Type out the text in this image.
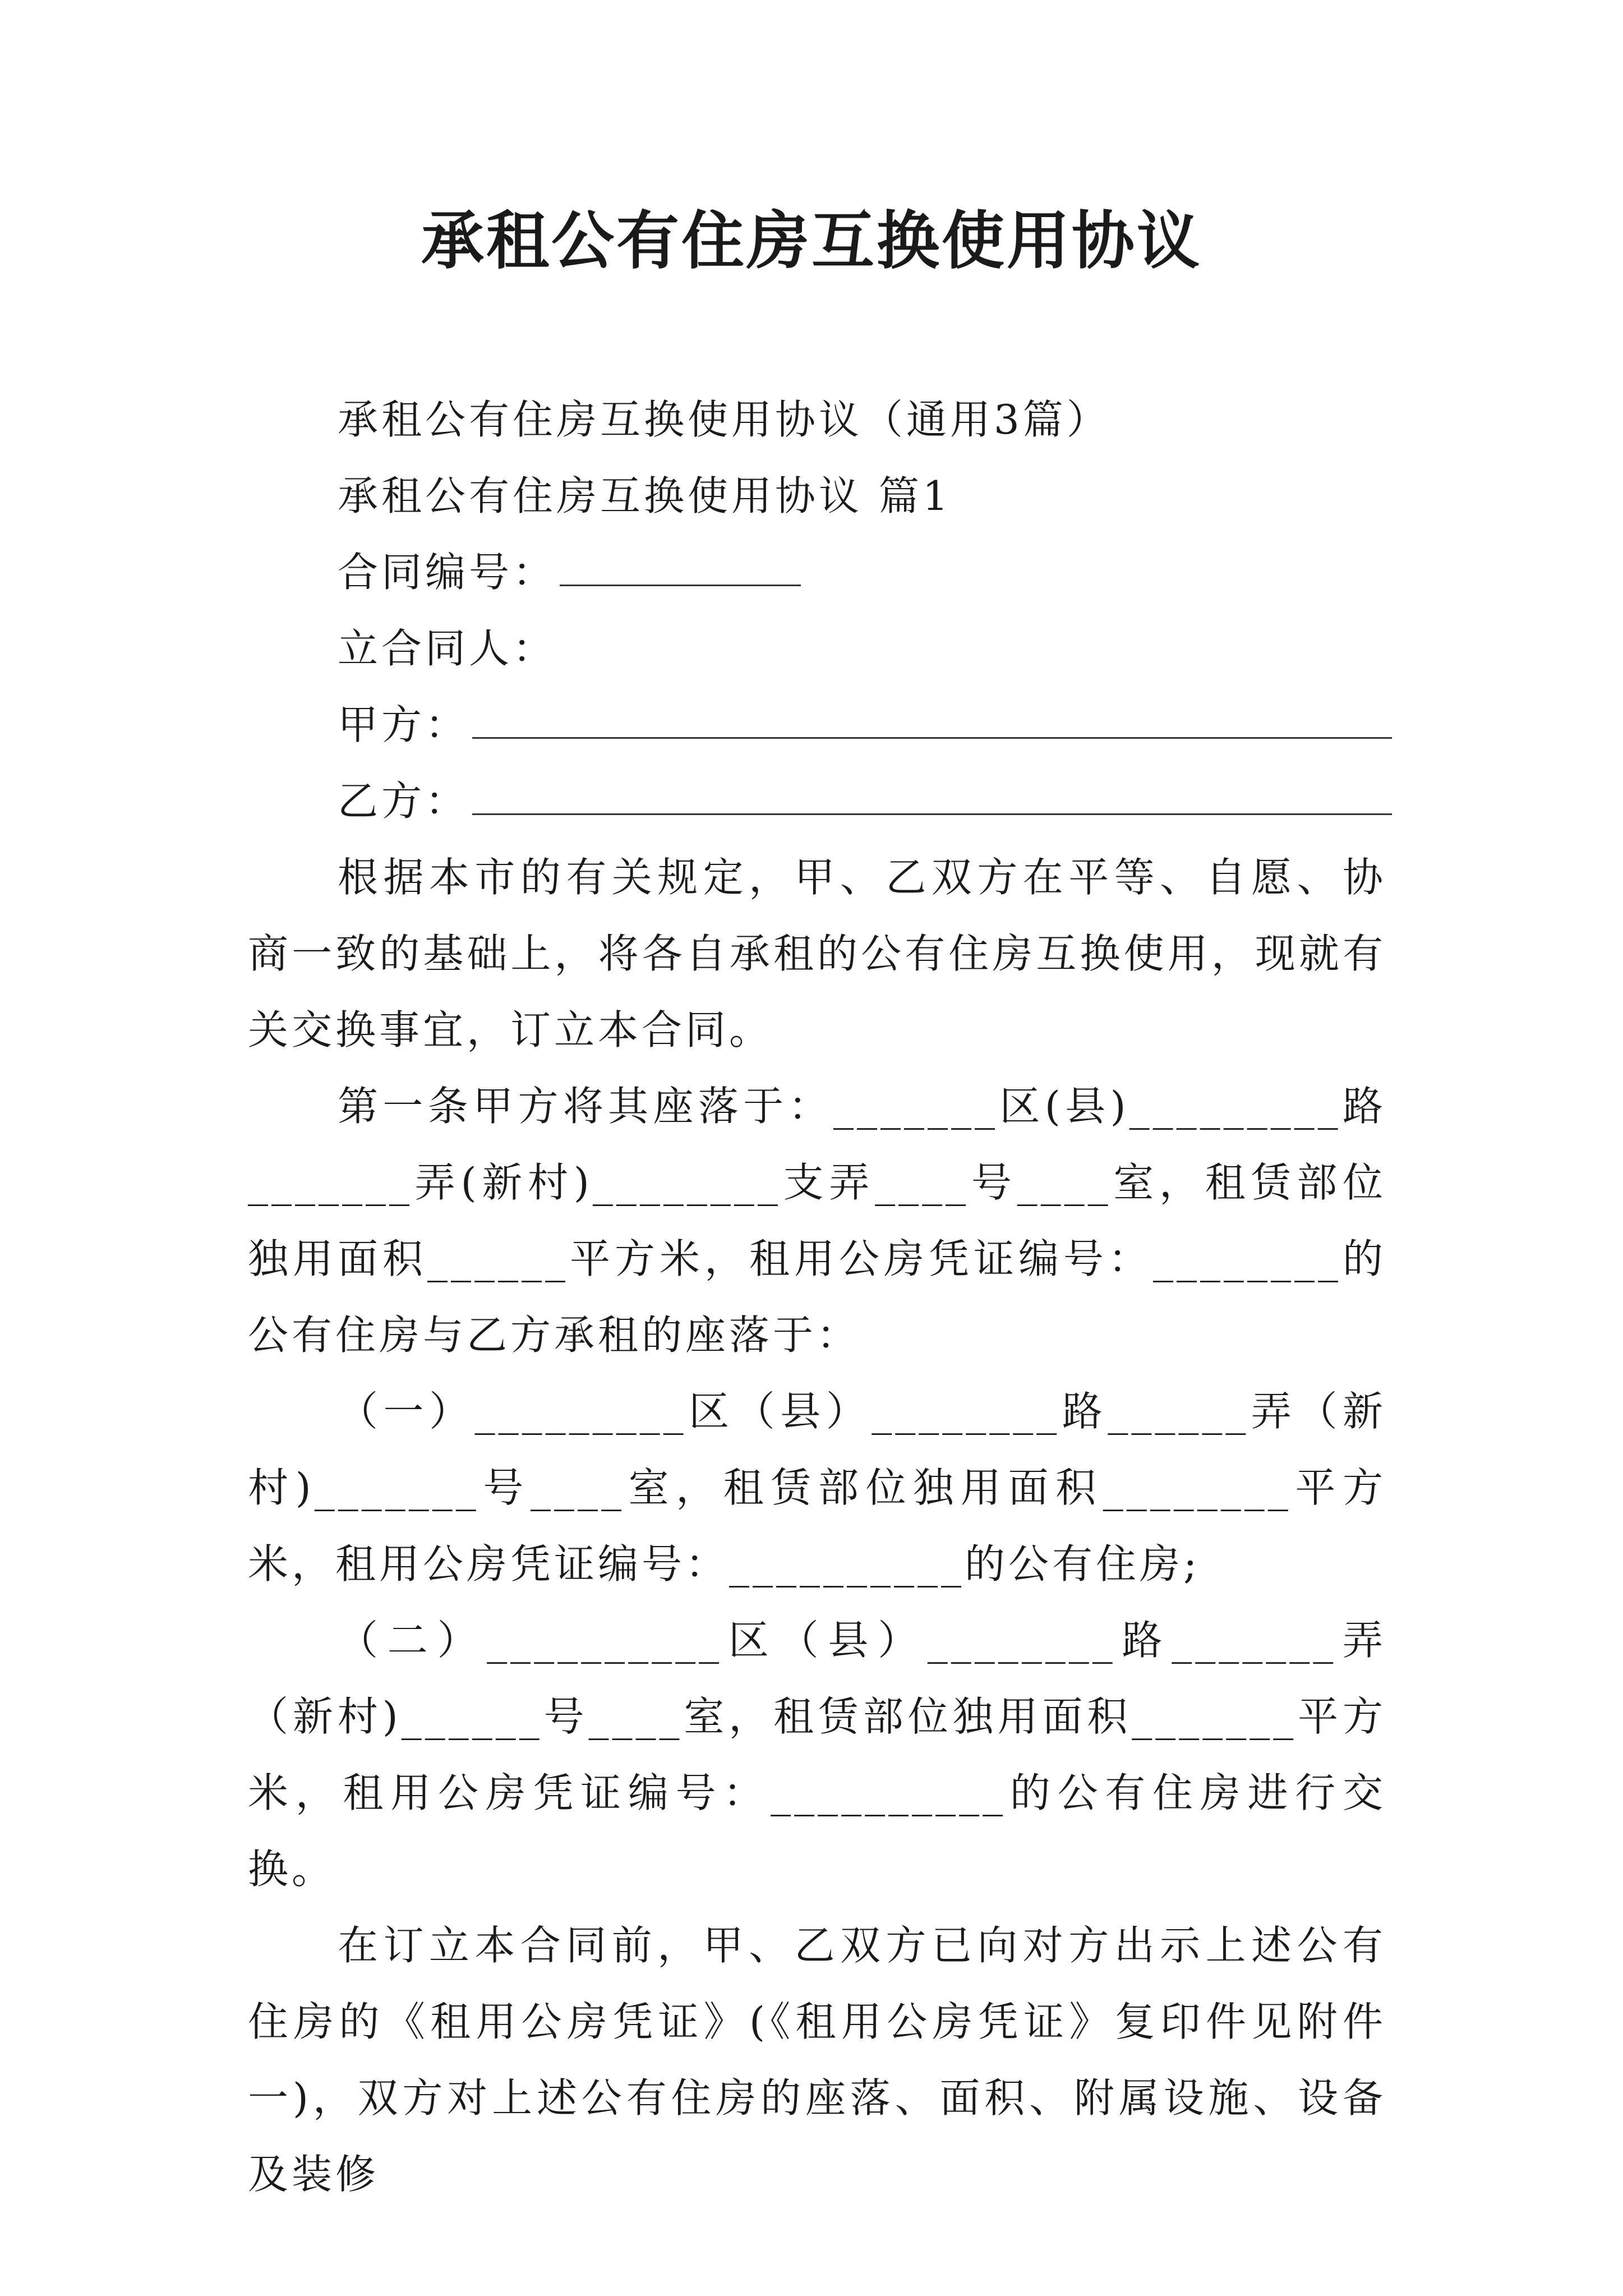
承租公有住房互换使用协议

承租公有住房互换使用协议（通用3篇）

承租公有住房互换使用协议 篇1

合同编号：

立合同人：

甲方：

乙方：

根据本市的有关规定，甲、乙双方在平等、自愿、协商一致的基础上，将各自承租的公有住房互换使用，现就有关交换事宜，订立本合同。

第一条甲方将其座落于：_______区(县)_________路_______弄(新村)________支弄____号____室，租赁部位独用面积______平方米，租用公房凭证编号：________的公有住房与乙方承租的座落于：

（一）_________区（县）________路______弄（新村)_______号____室，租赁部位独用面积________平方米，租用公房凭证编号：__________的公有住房;

（二）__________区（县）________路_______弄（新村)______号____室，租赁部位独用面积_______平方米，租用公房凭证编号：__________的公有住房进行交换。

在订立本合同前，甲、乙双方已向对方出示上述公有住房的《租用公房凭证》(《租用公房凭证》复印件见附件一)，双方对上述公有住房的座落、面积、附属设施、设备及装修
